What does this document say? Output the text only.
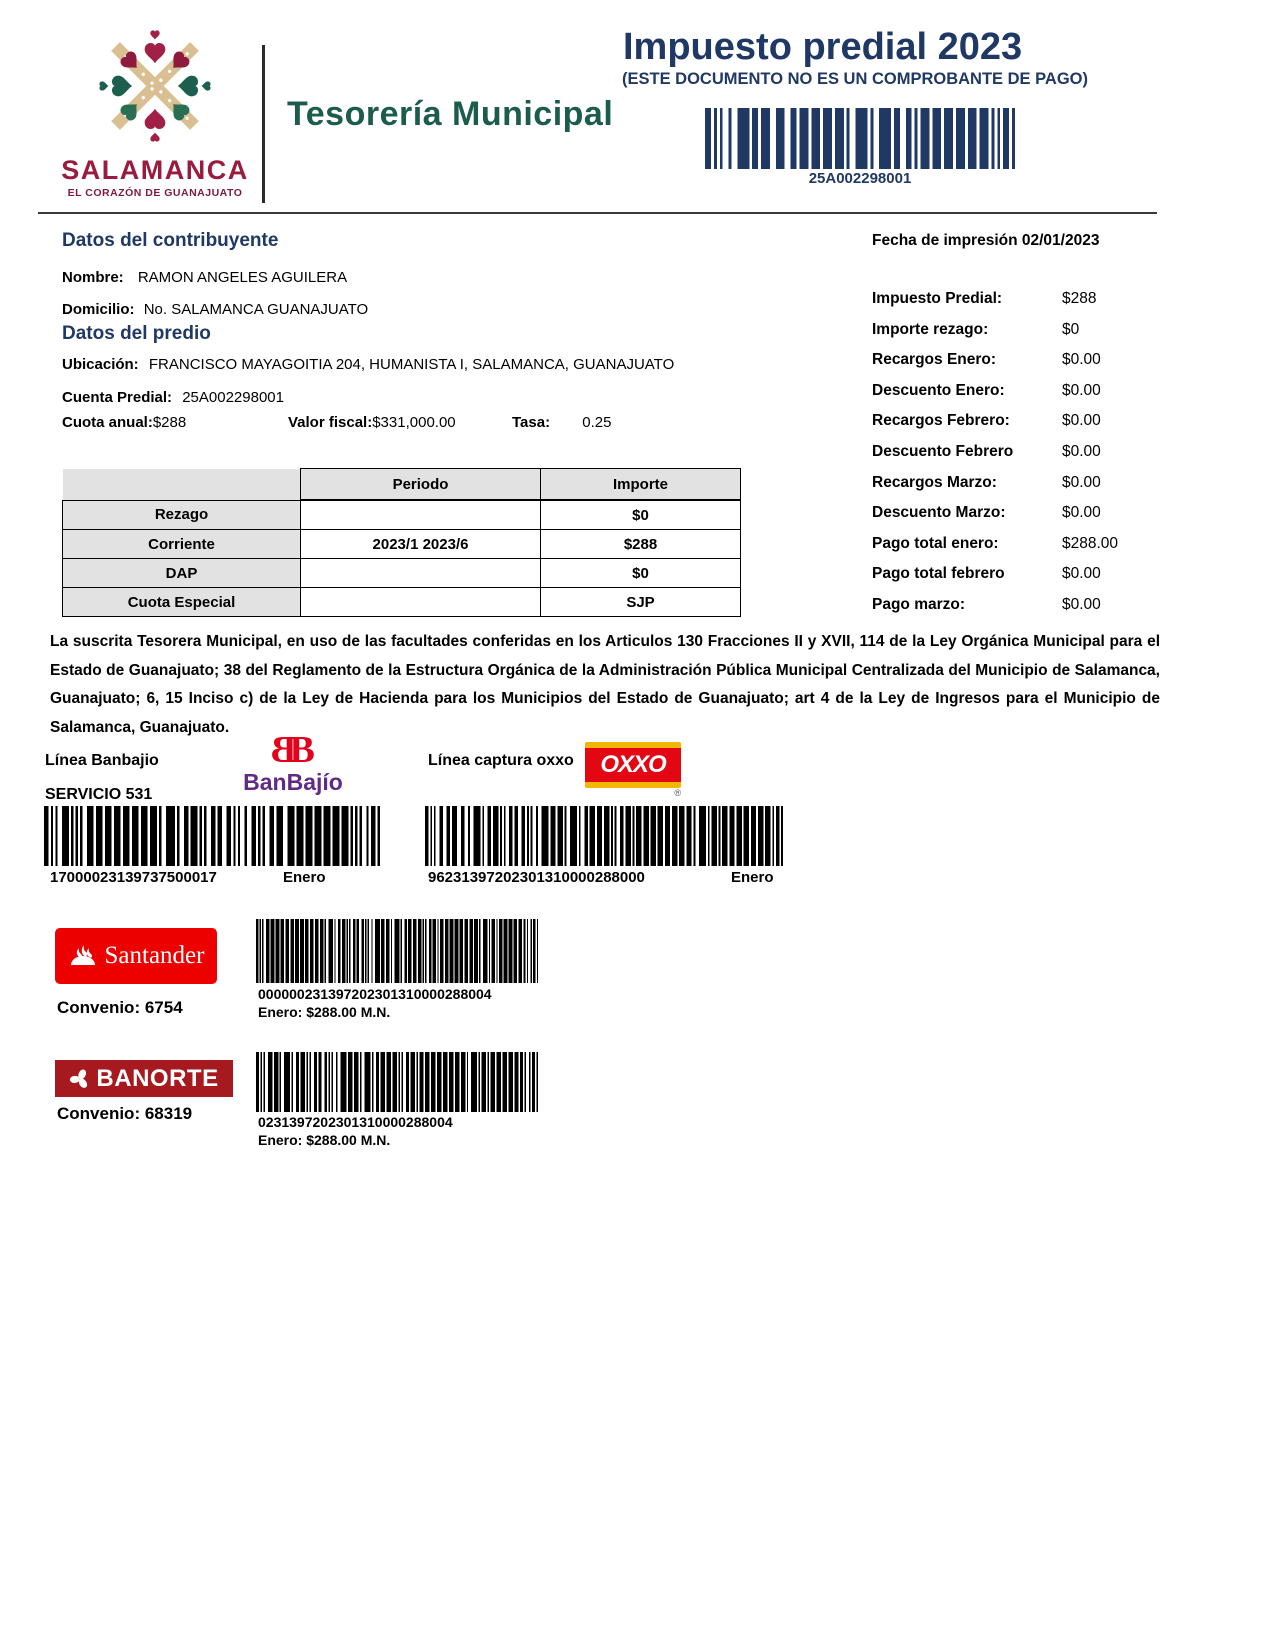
SALAMANCA
EL CORAZÓN DE GUANAJUATO
Tesorería Municipal
Impuesto predial 2023
(ESTE DOCUMENTO NO ES UN COMPROBANTE DE PAGO)
25A002298001
Datos del contribuyente
Nombre: RAMON ANGELES AGUILERA
Domicilio: No. SALAMANCA GUANAJUATO
Datos del predio
Ubicación: FRANCISCO MAYAGOITIA 204, HUMANISTA I, SALAMANCA, GUANAJUATO
Cuenta Predial: 25A002298001
Cuota anual:$288	Valor fiscal:$331,000.00	Tasa: 0.25
	Periodo	Importe
Rezago		$0
Corriente	2023/1 2023/6	$288
DAP		$0
Cuota Especial		SJP
Fecha de impresión 02/01/2023
Impuesto Predial:	$288
Importe rezago:	$0
Recargos Enero:	$0.00
Descuento Enero:	$0.00
Recargos Febrero:	$0.00
Descuento Febrero	$0.00
Recargos Marzo:	$0.00
Descuento Marzo:	$0.00
Pago total enero:	$288.00
Pago total febrero	$0.00
Pago marzo:	$0.00
La suscrita Tesorera Municipal, en uso de las facultades conferidas en los Articulos 130 Fracciones II y XVII, 114 de la Ley Orgánica Municipal para el Estado de Guanajuato; 38 del Reglamento de la Estructura Orgánica de la Administración Pública Municipal Centralizada del Municipio de Salamanca, Guanajuato; 6, 15 Inciso c) de la Ley de Hacienda para los Municipios del Estado de Guanajuato; art 4 de la Ley de Ingresos para el Municipio de Salamanca, Guanajuato.
Línea Banbajio	BB
BanBajío
SERVICIO 531
17000023139737500017	Enero
Línea captura oxxo OXXO
®
96231397202301310000288000	Enero
Santander
000000231397202301310000288004
Convenio: 6754	Enero: $288.00 M.N.
BANORTE
0231397202301310000288004
Convenio: 68319
Enero: $288.00 M.N.
